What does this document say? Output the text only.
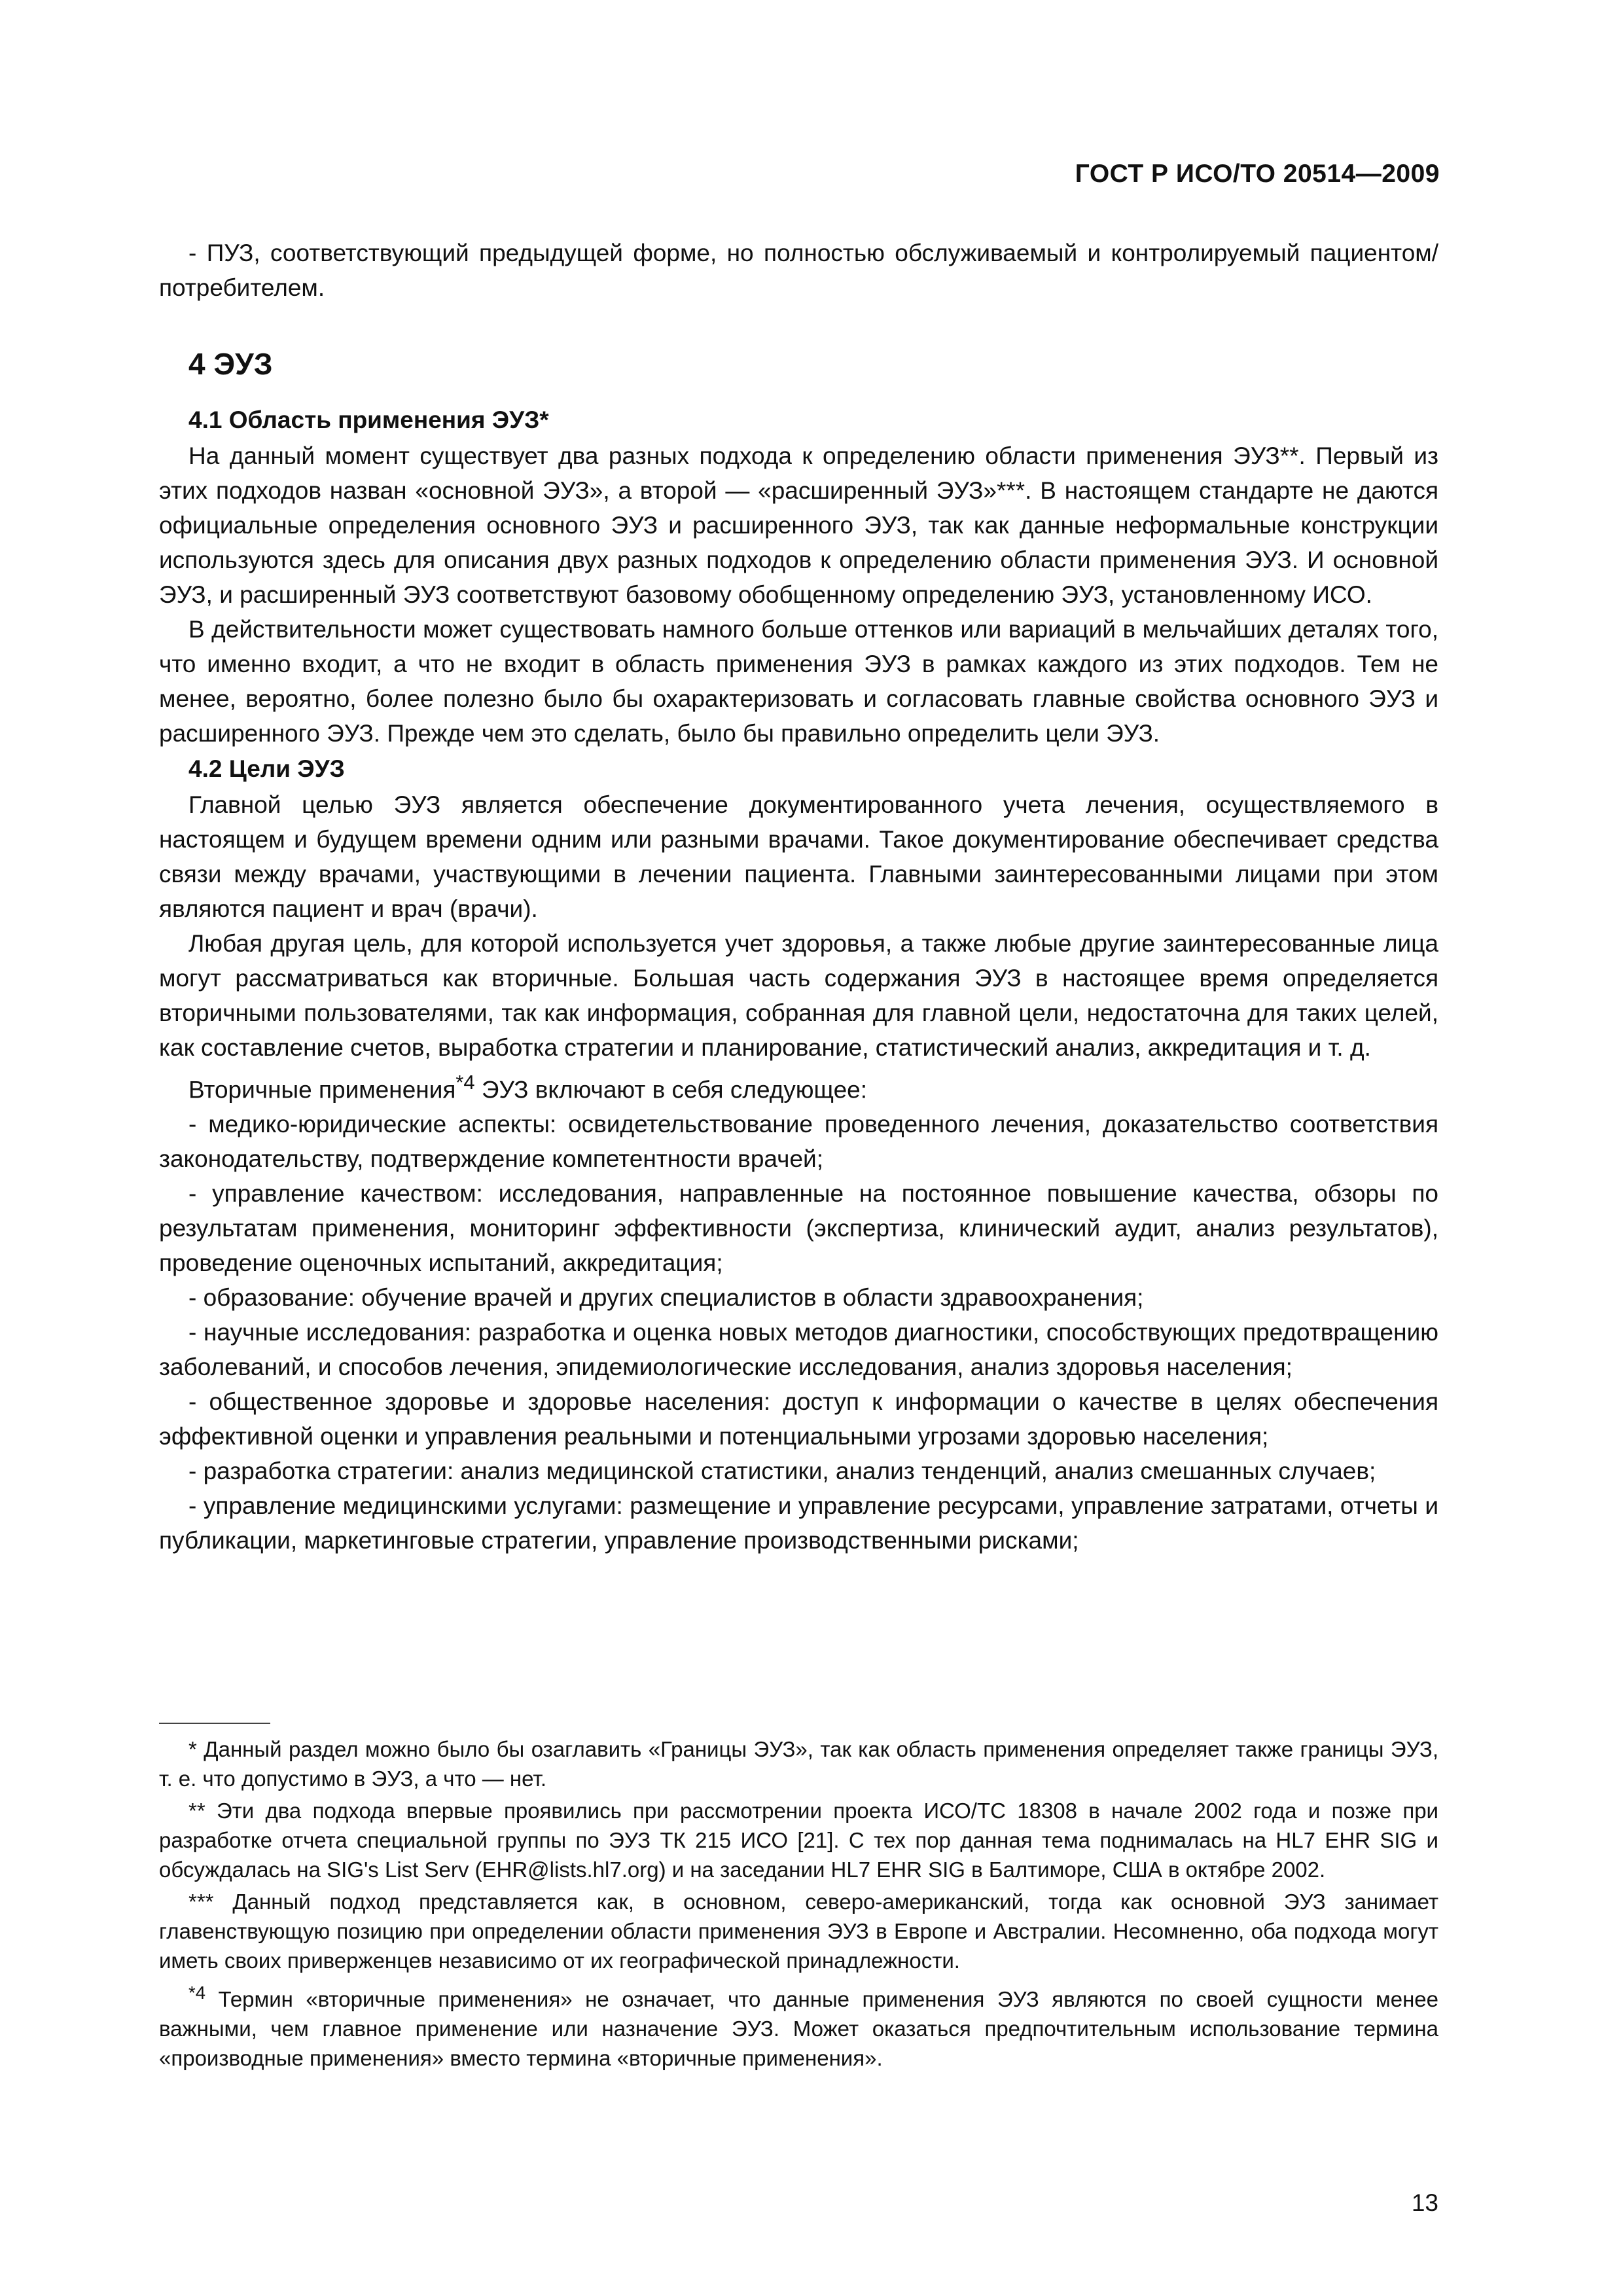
ГОСТ Р ИСО/ТО 20514—2009

- ПУЗ, соответствующий предыдущей форме, но полностью обслуживаемый и контролируемый пациентом/потребителем.

4 ЭУЗ
4.1 Область применения ЭУЗ*

На данный момент существует два разных подхода к определению области применения ЭУЗ**. Первый из этих подходов назван «основной ЭУЗ», а второй — «расширенный ЭУЗ»***. В настоящем стандарте не даются официальные определения основного ЭУЗ и расширенного ЭУЗ, так как данные неформальные конструкции используются здесь для описания двух разных подходов к определению области применения ЭУЗ. И основной ЭУЗ, и расширенный ЭУЗ соответствуют базовому обобщенному определению ЭУЗ, установленному ИСО.

В действительности может существовать намного больше оттенков или вариаций в мельчайших деталях того, что именно входит, а что не входит в область применения ЭУЗ в рамках каждого из этих подходов. Тем не менее, вероятно, более полезно было бы охарактеризовать и согласовать главные свойства основного ЭУЗ и расширенного ЭУЗ. Прежде чем это сделать, было бы правильно определить цели ЭУЗ.

4.2 Цели ЭУЗ

Главной целью ЭУЗ является обеспечение документированного учета лечения, осуществляемого в настоящем и будущем времени одним или разными врачами. Такое документирование обеспечивает средства связи между врачами, участвующими в лечении пациента. Главными заинтересованными лицами при этом являются пациент и врач (врачи).

Любая другая цель, для которой используется учет здоровья, а также любые другие заинтересованные лица могут рассматриваться как вторичные. Большая часть содержания ЭУЗ в настоящее время определяется вторичными пользователями, так как информация, собранная для главной цели, недостаточна для таких целей, как составление счетов, выработка стратегии и планирование, статистический анализ, аккредитация и т. д.

Вторичные применения$^{*4}$ ЭУЗ включают в себя следующее:

- медико-юридические аспекты: освидетельствование проведенного лечения, доказательство соответствия законодательству, подтверждение компетентности врачей;

- управление качеством: исследования, направленные на постоянное повышение качества, обзоры по результатам применения, мониторинг эффективности (экспертиза, клинический аудит, анализ результатов), проведение оценочных испытаний, аккредитация;

- образование: обучение врачей и других специалистов в области здравоохранения;

- научные исследования: разработка и оценка новых методов диагностики, способствующих предотвращению заболеваний, и способов лечения, эпидемиологические исследования, анализ здоровья населения;

- общественное здоровье и здоровье населения: доступ к информации о качестве в целях обеспечения эффективной оценки и управления реальными и потенциальными угрозами здоровью населения;

- разработка стратегии: анализ медицинской статистики, анализ тенденций, анализ смешанных случаев;

- управление медицинскими услугами: размещение и управление ресурсами, управление затратами, отчеты и публикации, маркетинговые стратегии, управление производственными рисками;

* Данный раздел можно было бы озаглавить «Границы ЭУЗ», так как область применения определяет также границы ЭУЗ, т. е. что допустимо в ЭУЗ, а что — нет.

** Эти два подхода впервые проявились при рассмотрении проекта ИСО/ТС 18308 в начале 2002 года и позже при разработке отчета специальной группы по ЭУЗ ТК 215 ИСО [21]. С тех пор данная тема поднималась на HL7 EHR SIG и обсуждалась на SIG's List Serv (EHR@lists.hl7.org) и на заседании HL7 EHR SIG в Балтиморе, США в октябре 2002.

*** Данный подход представляется как, в основном, северо-американский, тогда как основной ЭУЗ занимает главенствующую позицию при определении области применения ЭУЗ в Европе и Австралии. Несомненно, оба подхода могут иметь своих приверженцев независимо от их географической принадлежности.

$^{*4}$ Термин «вторичные применения» не означает, что данные применения ЭУЗ являются по своей сущности менее важными, чем главное применение или назначение ЭУЗ. Может оказаться предпочтительным использование термина «производные применения» вместо термина «вторичные применения».

13
